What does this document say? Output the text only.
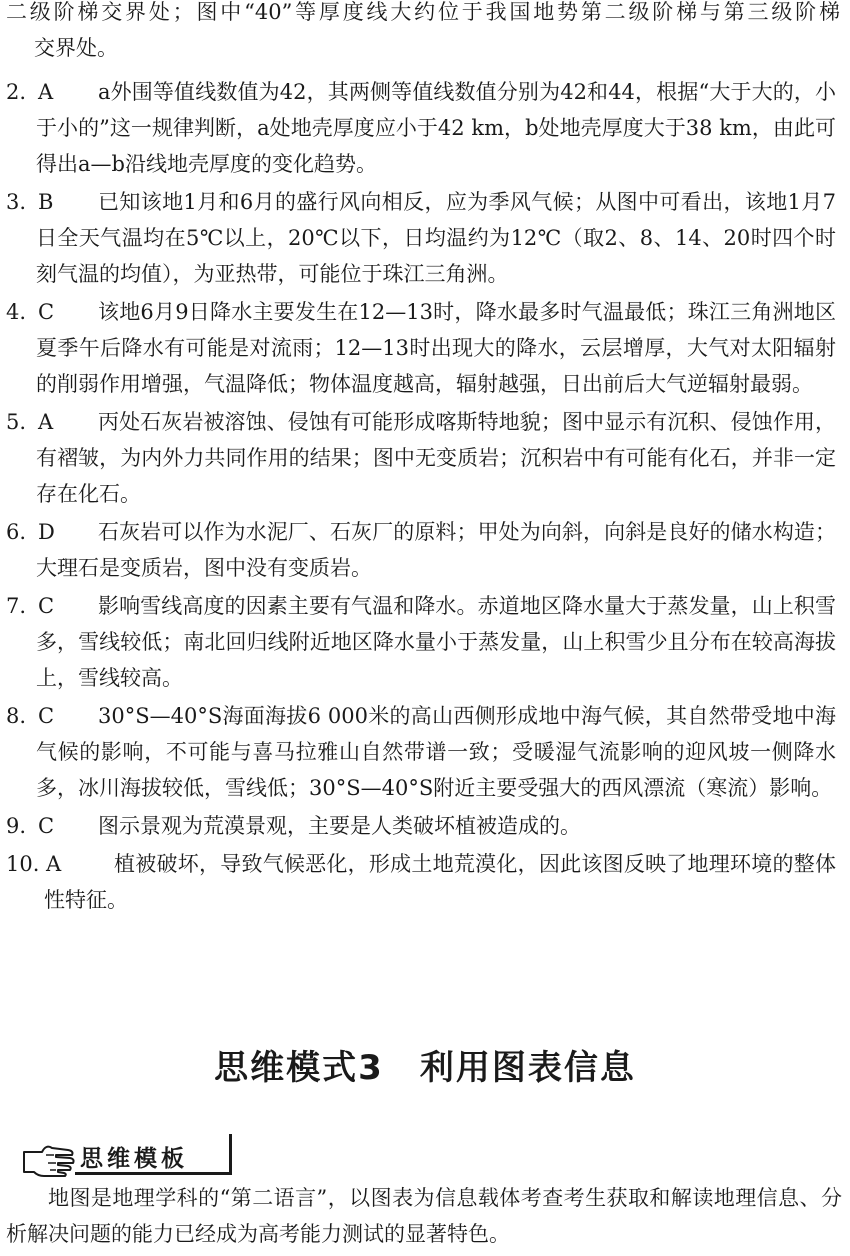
二级阶梯交界处；图中“40”等厚度线大约位于我国地势第二级阶梯与第三级阶梯

交界处。

2. A	a外围等值线数值为42，其两侧等值线数值分别为42和44，根据“大于大的，小于小的”这一规律判断，a处地壳厚度应小于42 km，b处地壳厚度大于38 km，由此可得出a—b沿线地壳厚度的变化趋势。
3. B	已知该地1月和6月的盛行风向相反，应为季风气候；从图中可看出，该地1月7日全天气温均在5℃以上，20℃以下，日均温约为12℃（取2、8、14、20时四个时刻气温的均值），为亚热带，可能位于珠江三角洲。
4. C	该地6月9日降水主要发生在12—13时，降水最多时气温最低；珠江三角洲地区夏季午后降水有可能是对流雨；12—13时出现大的降水，云层增厚，大气对太阳辐射的削弱作用增强，气温降低；物体温度越高，辐射越强，日出前后大气逆辐射最弱。
5. A	丙处石灰岩被溶蚀、侵蚀有可能形成喀斯特地貌；图中显示有沉积、侵蚀作用，有褶皱，为内外力共同作用的结果；图中无变质岩；沉积岩中有可能有化石，并非一定存在化石。
6. D	石灰岩可以作为水泥厂、石灰厂的原料；甲处为向斜，向斜是良好的储水构造；大理石是变质岩，图中没有变质岩。
7. C	影响雪线高度的因素主要有气温和降水。赤道地区降水量大于蒸发量，山上积雪多，雪线较低；南北回归线附近地区降水量小于蒸发量，山上积雪少且分布在较高海拔上，雪线较高。
8. C	30°S—40°S海面海拔6 000米的高山西侧形成地中海气候，其自然带受地中海气候的影响，不可能与喜马拉雅山自然带谱一致；受暖湿气流影响的迎风坡一侧降水多，冰川海拔较低，雪线低；30°S—40°S附近主要受强大的西风漂流（寒流）影响。
9. C	图示景观为荒漠景观，主要是人类破坏植被造成的。
10. A	植被破坏，导致气候恶化，形成土地荒漠化，因此该图反映了地理环境的整体性特征。
思维模式3　利用图表信息
思维模板

地图是地理学科的“第二语言”，以图表为信息载体考查考生获取和解读地理信息、分析解决问题的能力已经成为高考能力测试的显著特色。
